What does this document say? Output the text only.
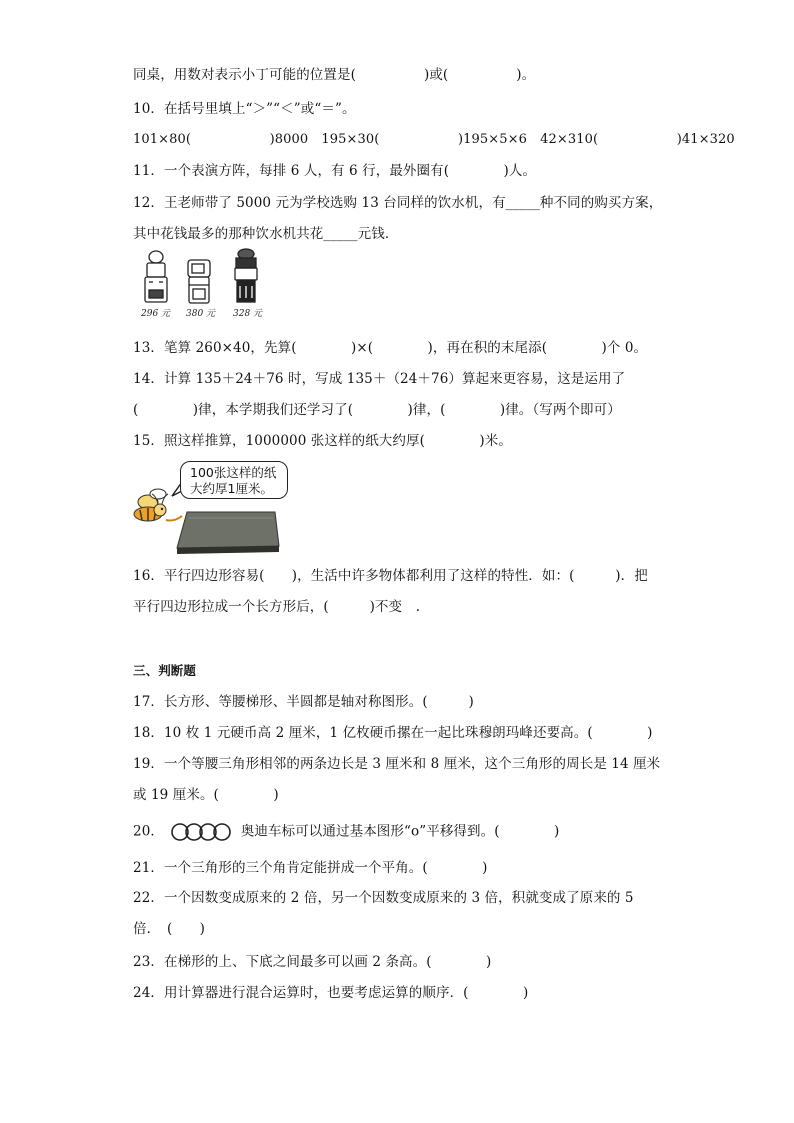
同桌，用数对表示小丁可能的位置是(　　　　　)或(　　　　　)。
10．在括号里填上“＞”“＜”或“＝”。
101×80(　　　　　　)8000　195×30(　　　　　　)195×5×6　42×310(　　　　　　)41×320
11．一个表演方阵，每排 6 人，有 6 行，最外圈有(　　　　)人。
12．王老师带了 5000 元为学校选购 13 台同样的饮水机，有_____种不同的购买方案，
其中花钱最多的那种饮水机共花_____元钱．
296 元 380 元 328 元
13．笔算 260×40，先算(　　　　)×(　　　　)，再在积的末尾添(　　　　)个 0。
14．计算 135＋24＋76 时，写成 135＋（24＋76）算起来更容易，这是运用了
(　　　　)律，本学期我们还学习了(　　　　)律，(　　　　)律。（写两个即可）
15．照这样推算，1000000 张这样的纸大约厚(　　　　)米。
100张这样的纸
大约厚1厘米。
16．平行四边形容易(　　)，生活中许多物体都利用了这样的特性．如：(　　　)．把
平行四边形拉成一个长方形后，(　　　)不变　.
三、判断题
17．长方形、等腰梯形、半圆都是轴对称图形。(　　　)
18．10 枚 1 元硬币高 2 厘米，1 亿枚硬币摞在一起比珠穆朗玛峰还要高。(　　　　)
19．一个等腰三角形相邻的两条边长是 3 厘米和 8 厘米，这个三角形的周长是 14 厘米
或 19 厘米。(　　　　)
20．	奥迪车标可以通过基本图形“o”平移得到。(　　　　)
21．一个三角形的三个角肯定能拼成一个平角。(　　　　)
22．一个因数变成原来的 2 倍，另一个因数变成原来的 3 倍，积就变成了原来的 5
倍．　(　　)
23．在梯形的上、下底之间最多可以画 2 条高。(　　　　)
24．用计算器进行混合运算时，也要考虑运算的顺序．(　　　　)
